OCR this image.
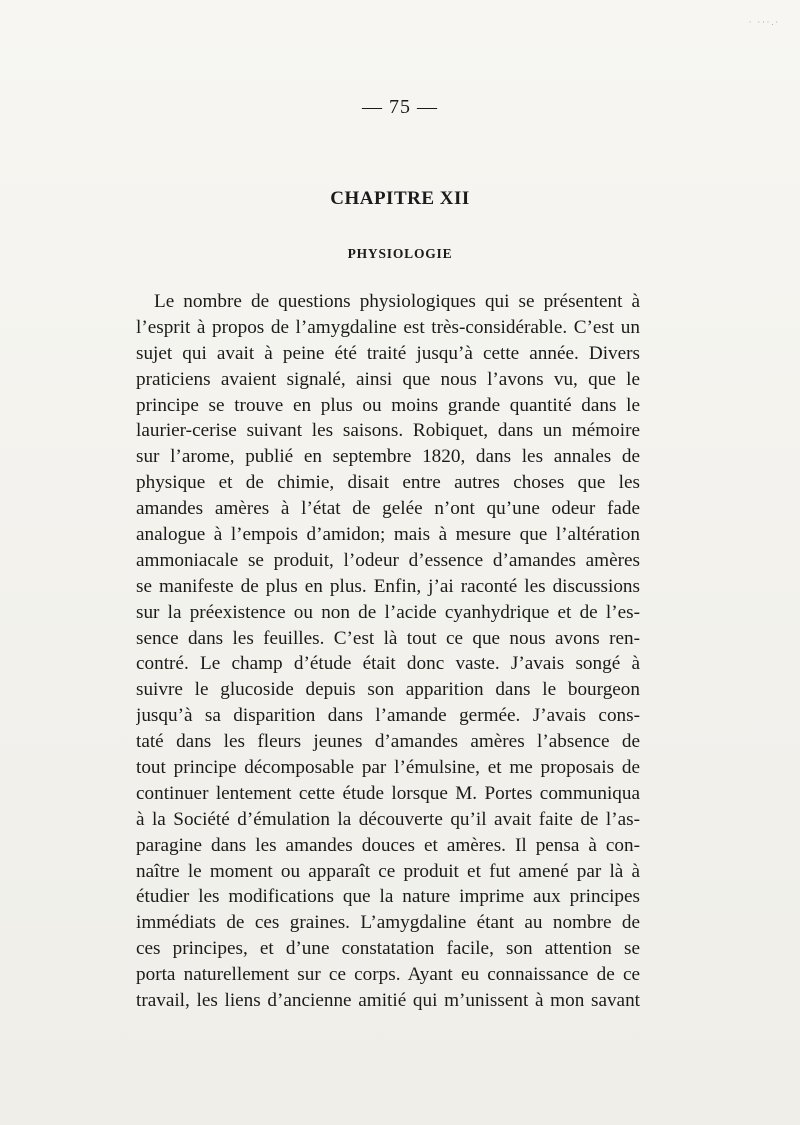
· ·‧·.·
— 75 —
CHAPITRE XII
PHYSIOLOGIE
Le nombre de questions physiologiques qui se présentent à
l’esprit à propos de l’amygdaline est très-considérable. C’est un
sujet qui avait à peine été traité jusqu’à cette année. Divers
praticiens avaient signalé, ainsi que nous l’avons vu, que le
principe se trouve en plus ou moins grande quantité dans le
laurier-cerise suivant les saisons. Robiquet, dans un mémoire
sur l’arome, publié en septembre 1820, dans les annales de
physique et de chimie, disait entre autres choses que les
amandes amères à l’état de gelée n’ont qu’une odeur fade
analogue à l’empois d’amidon; mais à mesure que l’altération
ammoniacale se produit, l’odeur d’essence d’amandes amères
se manifeste de plus en plus. Enfin, j’ai raconté les discussions
sur la préexistence ou non de l’acide cyanhydrique et de l’es-
sence dans les feuilles. C’est là tout ce que nous avons ren-
contré. Le champ d’étude était donc vaste. J’avais songé à
suivre le glucoside depuis son apparition dans le bourgeon
jusqu’à sa disparition dans l’amande germée. J’avais cons-
taté dans les fleurs jeunes d’amandes amères l’absence de
tout principe décomposable par l’émulsine, et me proposais de
continuer lentement cette étude lorsque M. Portes communiqua
à la Société d’émulation la découverte qu’il avait faite de l’as-
paragine dans les amandes douces et amères. Il pensa à con-
naître le moment ou apparaît ce produit et fut amené par là à
étudier les modifications que la nature imprime aux principes
immédiats de ces graines. L’amygdaline étant au nombre de
ces principes, et d’une constatation facile, son attention se
porta naturellement sur ce corps. Ayant eu connaissance de ce
travail, les liens d’ancienne amitié qui m’unissent à mon savant
